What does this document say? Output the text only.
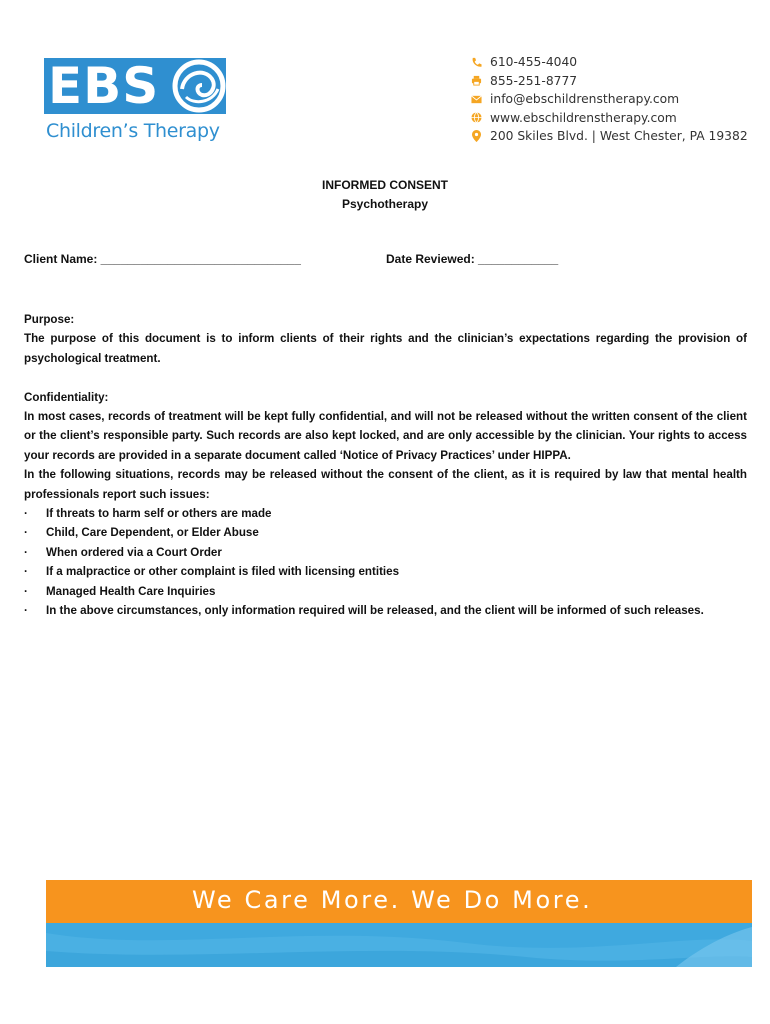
EBS
Children’s Therapy
610-455-4040
855-251-8777
info@ebschildrenstherapy.com
www.ebschildrenstherapy.com
200 Skiles Blvd. | West Chester, PA 19382
INFORMED CONSENT
Psychotherapy
Client Name: ______________________________	Date Reviewed: ____________

Purpose:

The purpose of this document is to inform clients of their rights and the clinician’s expectations regarding the provision of psychological treatment.

Confidentiality:

In most cases, records of treatment will be kept fully confidential, and will not be released without the written consent of the client or the client’s responsible party. Such records are also kept locked, and are only accessible by the clinician. Your rights to access your records are provided in a separate document called ‘Notice of Privacy Practices’ under HIPPA.

In the following situations, records may be released without the consent of the client, as it is required by law that mental health professionals report such issues:

· If threats to harm self or others are made
· Child, Care Dependent, or Elder Abuse
· When ordered via a Court Order
· If a malpractice or other complaint is filed with licensing entities
· Managed Health Care Inquiries
· In the above circumstances, only information required will be released, and the client will be informed of such releases.
We Care More. We Do More.
